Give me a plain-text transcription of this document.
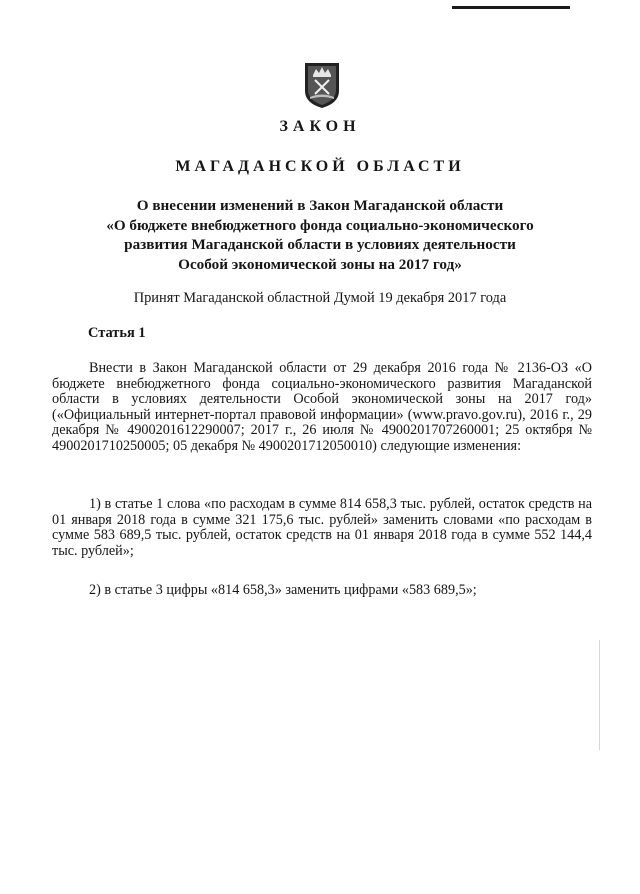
ЗАКОН
МАГАДАНСКОЙ ОБЛАСТИ
О внесении изменений в Закон Магаданской области
«О бюджете внебюджетного фонда социально-экономического
развития Магаданской области в условиях деятельности
Особой экономической зоны на 2017 год»
Принят Магаданской областной Думой 19 декабря 2017 года
Статья 1

Внести в Закон Магаданской области от 29 декабря 2016 года № 2136-ОЗ «О бюджете внебюджетного фонда социально-экономического развития Магаданской области в условиях деятельности Особой экономической зоны на 2017 год» («Официальный интернет-портал правовой информации» (www.pravo.gov.ru), 2016 г., 29 декабря № 4900201612290007; 2017 г., 26 июля № 4900201707260001; 25 октября № 4900201710250005; 05 декабря № 4900201712050010) следующие изменения:

1) в статье 1 слова «по расходам в сумме 814 658,3 тыс. рублей, остаток средств на 01 января 2018 года в сумме 321 175,6 тыс. рублей» заменить словами «по расходам в сумме 583 689,5 тыс. рублей, остаток средств на 01 января 2018 года в сумме 552 144,4 тыс. рублей»;

2) в статье 3 цифры «814 658,3» заменить цифрами «583 689,5»;
